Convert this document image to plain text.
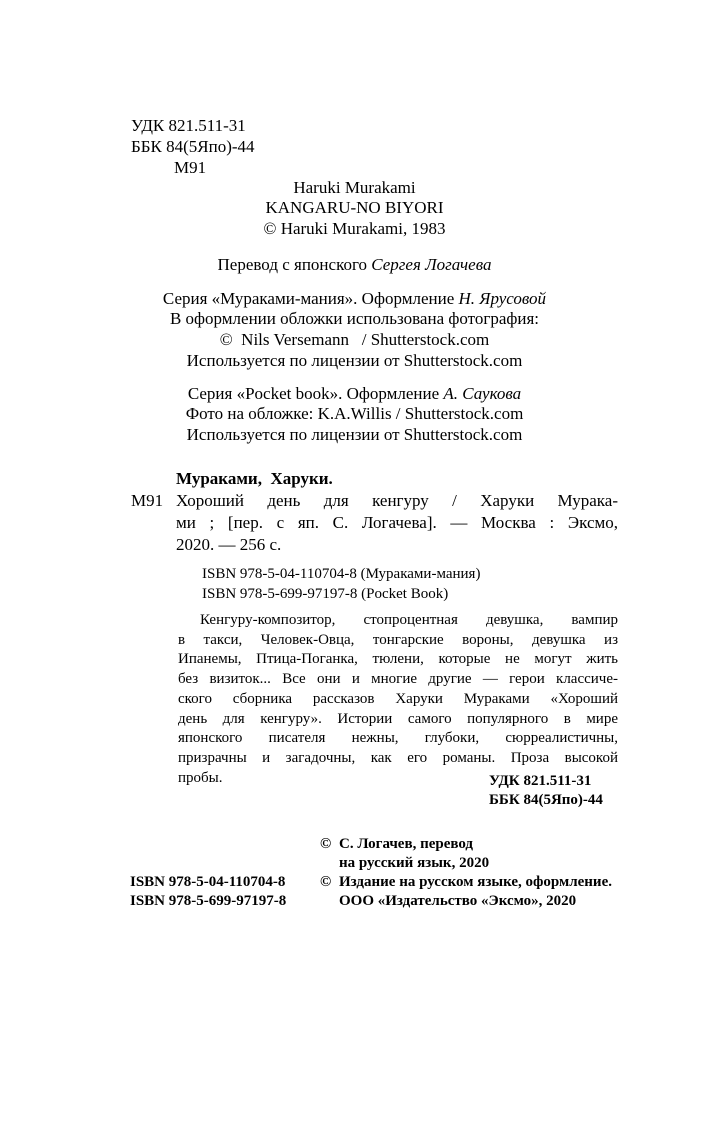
УДК 821.511-31
ББК 84(5Япо)-44
М91
Haruki Murakami
KANGARU-NO BIYORI
© Haruki Murakami, 1983
Перевод с японского Сергея Логачева
Серия «Мураками-мания». Оформление Н. Ярусовой
В оформлении обложки использована фотография:
©  Nils Versemann   / Shutterstock.com
Используется по лицензии от Shutterstock.com
Серия «Pocket book». Оформление А. Саукова
Фото на обложке: K.A.Willis / Shutterstock.com
Используется по лицензии от Shutterstock.com
Мураками,  Харуки.
М91 Хороший день для кенгуру / Харуки Мурака-
ми ; [пер. с яп. С. Логачева]. — Москва : Эксмо,
2020. — 256 с.
ISBN 978-5-04-110704-8 (Мураками-мания)
ISBN 978-5-699-97197-8 (Pocket Book)
Кенгуру-композитор, стопроцентная девушка, вампир
в такси, Человек-Овца, тонгарские вороны, девушка из
Ипанемы, Птица-Поганка, тюлени, которые не могут жить
без визиток... Все они и многие другие — герои классиче-
ского сборника рассказов Харуки Мураками «Хороший
день для кенгуру». Истории самого популярного в мире
японского писателя нежны, глубоки, сюрреалистичны,
призрачны и загадочны, как его романы. Проза высокой
пробы.	УДК 821.511-31
ББК 84(5Япо)-44
© С. Логачев, перевод
на русский язык, 2020
ISBN 978-5-04-110704-8 © Издание на русском языке, оформление.
ISBN 978-5-699-97197-8	ООО «Издательство «Эксмо», 2020
